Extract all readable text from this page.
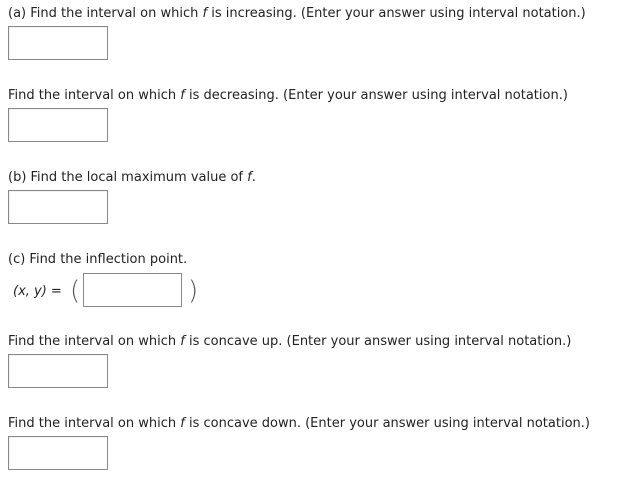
(a) Find the interval on which f is increasing. (Enter your answer using interval notation.)
Find the interval on which f is decreasing. (Enter your answer using interval notation.)
(b) Find the local maximum value of f.
(c) Find the inflection point.
(x, y) = (	)
Find the interval on which f is concave up. (Enter your answer using interval notation.)
Find the interval on which f is concave down. (Enter your answer using interval notation.)
